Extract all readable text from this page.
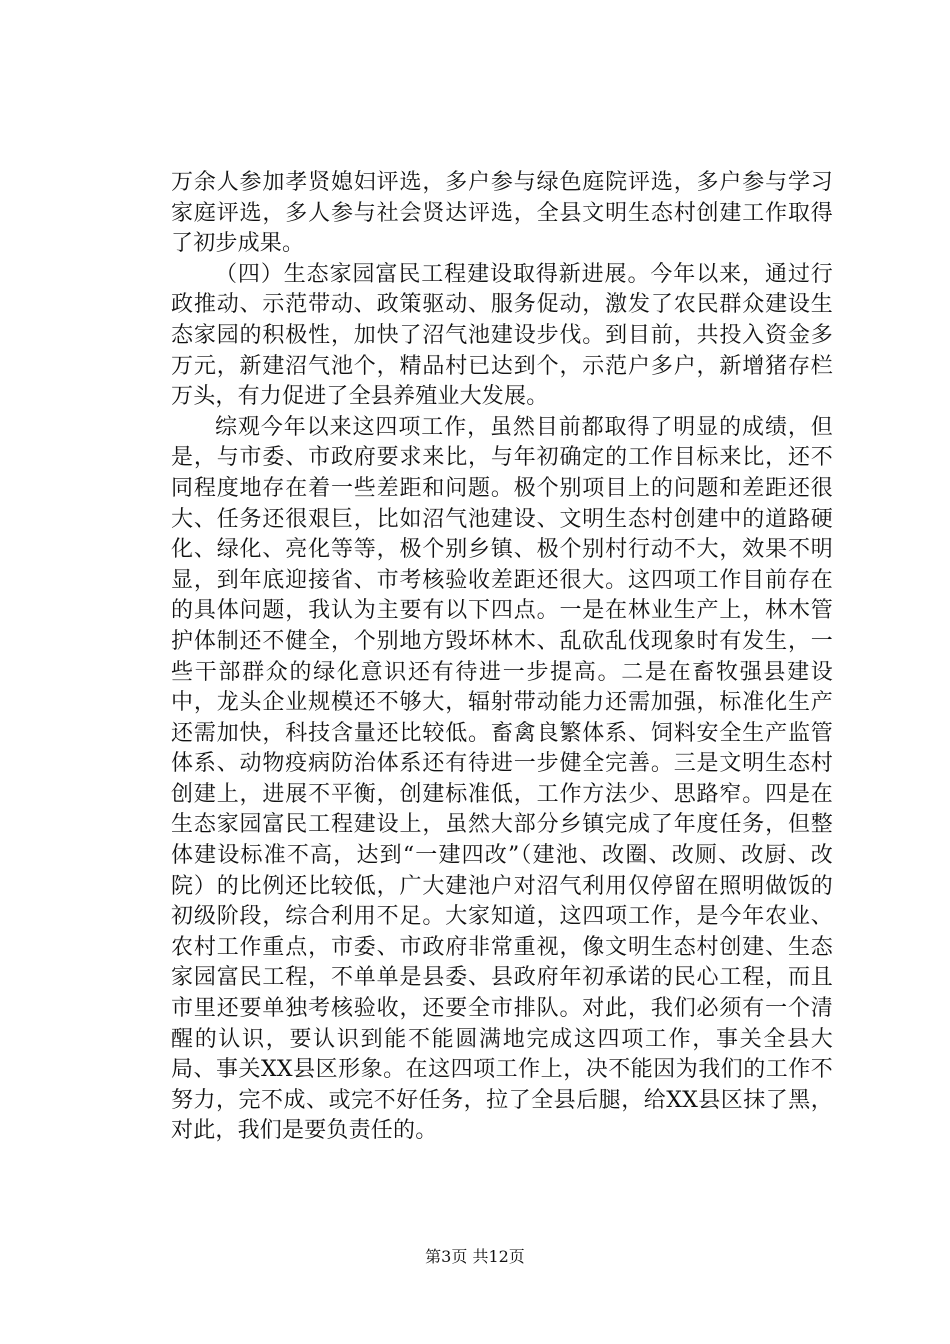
万余人参加孝贤媳妇评选，多户参与绿色庭院评选，多户参与学习家庭评选，多人参与社会贤达评选，全县文明生态村创建工作取得了初步成果。

（四）生态家园富民工程建设取得新进展。今年以来，通过行政推动、示范带动、政策驱动、服务促动，激发了农民群众建设生态家园的积极性，加快了沼气池建设步伐。到目前，共投入资金多万元，新建沼气池个，精品村已达到个，示范户多户，新增猪存栏万头，有力促进了全县养殖业大发展。

综观今年以来这四项工作，虽然目前都取得了明显的成绩，但是，与市委、市政府要求来比，与年初确定的工作目标来比，还不同程度地存在着一些差距和问题。极个别项目上的问题和差距还很大、任务还很艰巨，比如沼气池建设、文明生态村创建中的道路硬化、绿化、亮化等等，极个别乡镇、极个别村行动不大，效果不明显，到年底迎接省、市考核验收差距还很大。这四项工作目前存在的具体问题，我认为主要有以下四点。一是在林业生产上，林木管护体制还不健全，个别地方毁坏林木、乱砍乱伐现象时有发生，一些干部群众的绿化意识还有待进一步提高。二是在畜牧强县建设中，龙头企业规模还不够大，辐射带动能力还需加强，标准化生产还需加快，科技含量还比较低。畜禽良繁体系、饲料安全生产监管体系、动物疫病防治体系还有待进一步健全完善。三是文明生态村创建上，进展不平衡，创建标准低，工作方法少、思路窄。四是在生态家园富民工程建设上，虽然大部分乡镇完成了年度任务，但整体建设标准不高，达到“一建四改”（建池、改圈、改厕、改厨、改院）的比例还比较低，广大建池户对沼气利用仅停留在照明做饭的初级阶段，综合利用不足。大家知道，这四项工作，是今年农业、农村工作重点，市委、市政府非常重视，像文明生态村创建、生态家园富民工程，不单单是县委、县政府年初承诺的民心工程，而且市里还要单独考核验收，还要全市排队。对此，我们必须有一个清醒的认识，要认识到能不能圆满地完成这四项工作，事关全县大局、事关XX县区形象。在这四项工作上，决不能因为我们的工作不努力，完不成、或完不好任务，拉了全县后腿，给XX县区抹了黑，对此，我们是要负责任的。

第3页 共12页
